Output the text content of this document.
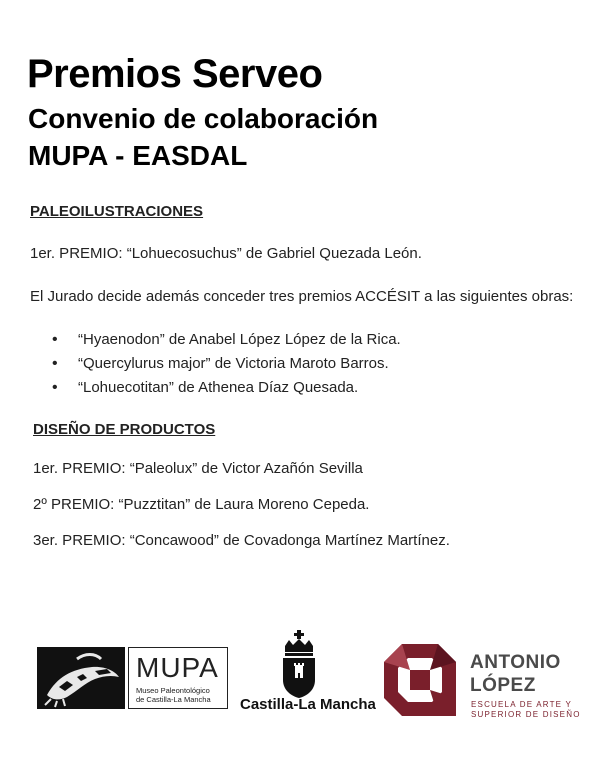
Premios Serveo
Convenio de colaboración
MUPA - EASDAL
PALEOILUSTRACIONES
1er. PREMIO: “Lohuecosuchus” de Gabriel Quezada León.
El Jurado decide además conceder tres premios ACCÉSIT a las siguientes obras:
• “Hyaenodon” de Anabel López López de la Rica.
• “Quercylurus major” de Victoria Maroto Barros.
• “Lohuecotitan” de Athenea Díaz Quesada.
DISEÑO DE PRODUCTOS
1er. PREMIO: “Paleolux” de Victor Azañón Sevilla
2º PREMIO: “Puzztitan” de Laura Moreno Cepeda.
3er. PREMIO: “Concawood” de Covadonga Martínez Martínez.
MUPA
Museo Paleontológico
de Castilla-La Mancha	Castilla-La Mancha
ANTONIO
LÓPEZ
ESCUELA DE ARTE Y
SUPERIOR DE DISEÑO
